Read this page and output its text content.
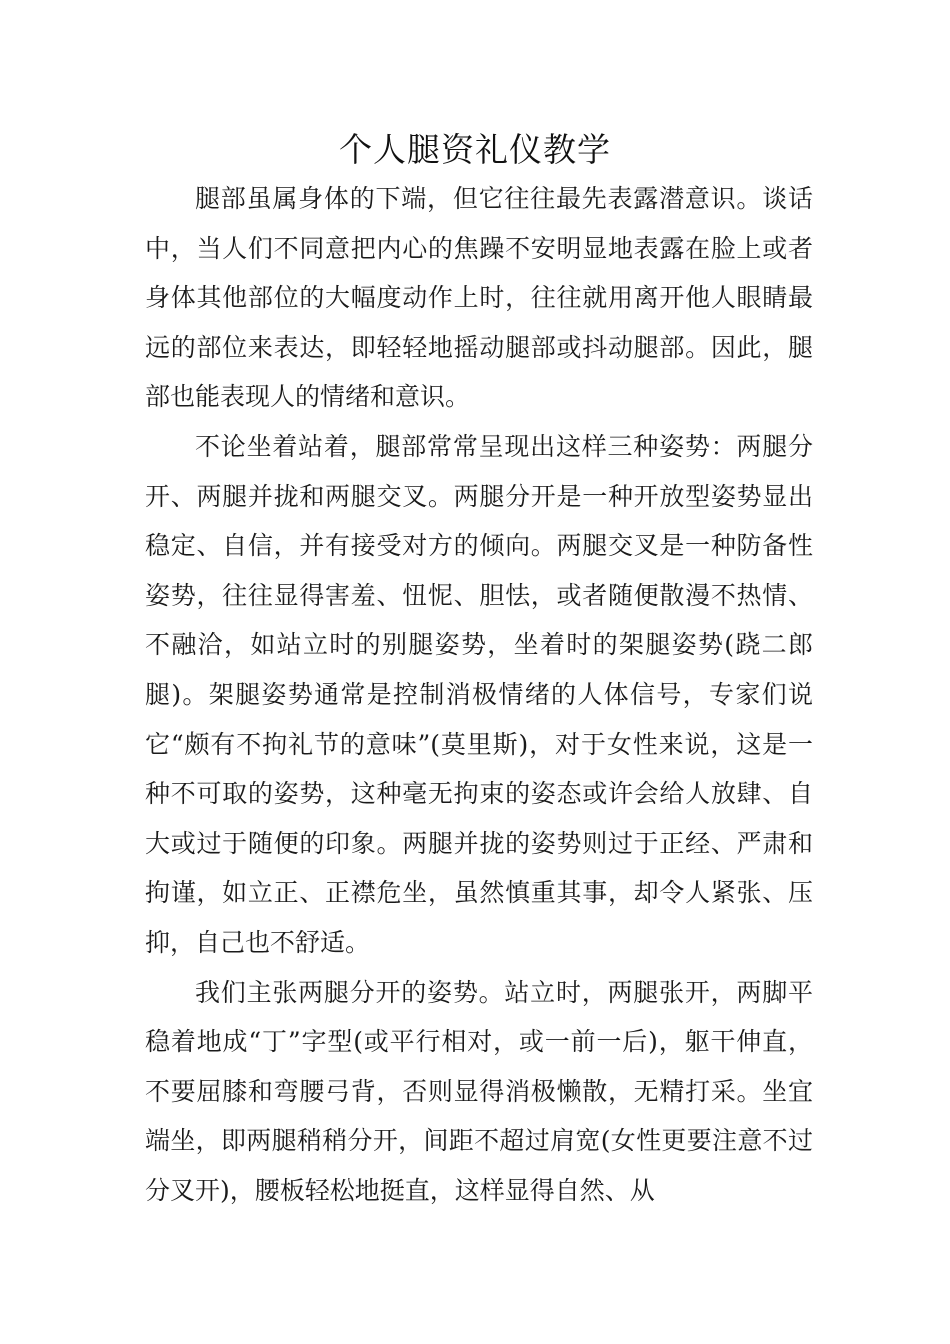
个人腿资礼仪教学

腿部虽属身体的下端，但它往往最先表露潜意识。谈话中，当人们不同意把内心的焦躁不安明显地表露在脸上或者身体其他部位的大幅度动作上时，往往就用离开他人眼睛最远的部位来表达，即轻轻地摇动腿部或抖动腿部。因此，腿部也能表现人的情绪和意识。

不论坐着站着，腿部常常呈现出这样三种姿势：两腿分开、两腿并拢和两腿交叉。两腿分开是一种开放型姿势显出稳定、自信，并有接受对方的倾向。两腿交叉是一种防备性姿势，往往显得害羞、忸怩、胆怯，或者随便散漫不热情、不融洽，如站立时的别腿姿势，坐着时的架腿姿势(跷二郎腿)。架腿姿势通常是控制消极情绪的人体信号，专家们说它“颇有不拘礼节的意味”(莫里斯)，对于女性来说，这是一种不可取的姿势，这种毫无拘束的姿态或许会给人放肆、自大或过于随便的印象。两腿并拢的姿势则过于正经、严肃和拘谨，如立正、正襟危坐，虽然慎重其事，却令人紧张、压抑，自己也不舒适。

我们主张两腿分开的姿势。站立时，两腿张开，两脚平稳着地成“丁”字型(或平行相对，或一前一后)，躯干伸直，不要屈膝和弯腰弓背，否则显得消极懒散，无精打采。坐宜端坐，即两腿稍稍分开，间距不超过肩宽(女性更要注意不过分叉开)，腰板轻松地挺直，这样显得自然、从
